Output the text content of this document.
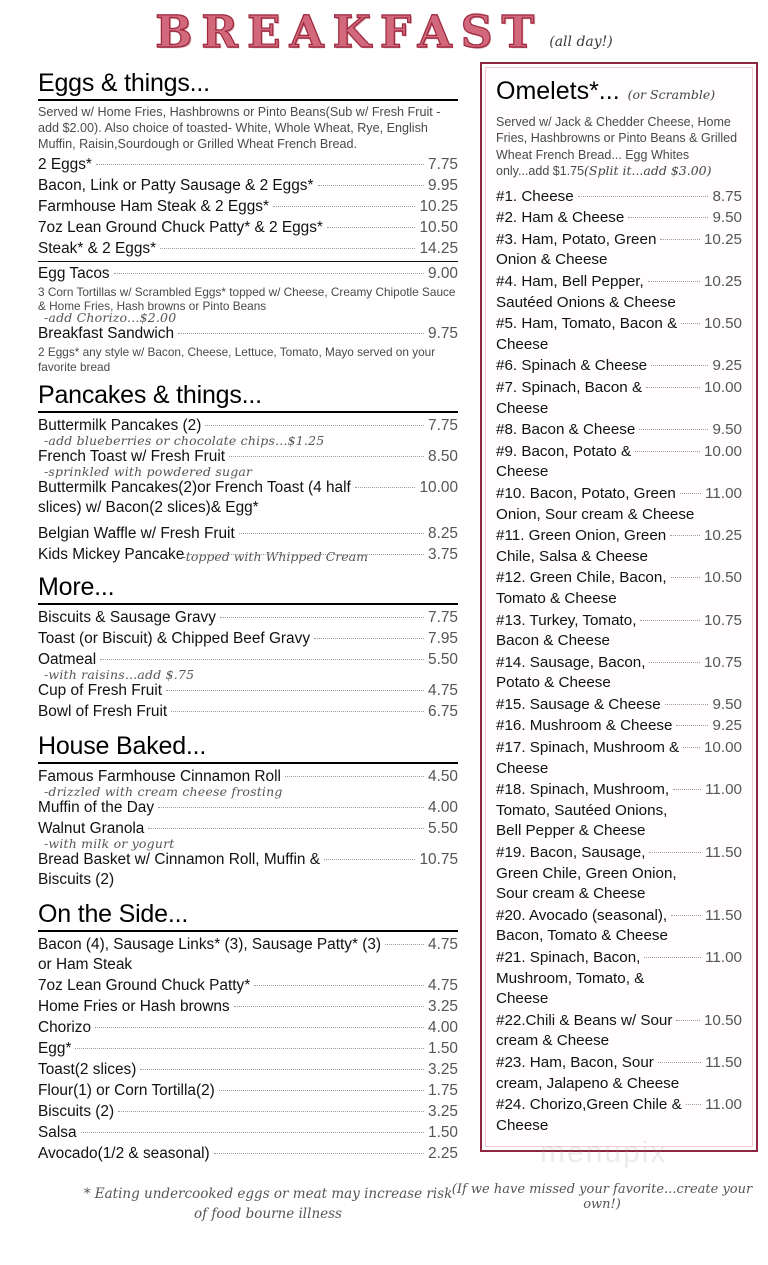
BREAKFAST (all day!)
Eggs & things...
Served w/ Home Fries, Hashbrowns or Pinto Beans(Sub w/ Fresh Fruit -add $2.00). Also choice of toasted- White, Whole Wheat, Rye, English Muffin, Raisin,Sourdough or Grilled Wheat French Bread.
2 Eggs*	7.75
Bacon, Link or Patty Sausage & 2 Eggs*	9.95
Farmhouse Ham Steak & 2 Eggs*	10.25
7oz Lean Ground Chuck Patty* & 2 Eggs*	10.50
Steak* & 2 Eggs*	14.25
Egg Tacos	9.00
3 Corn Tortillas w/ Scrambled Eggs* topped w/ Cheese, Creamy Chipotle Sauce & Home Fries, Hash browns or Pinto Beans
-add Chorizo...$2.00
Breakfast Sandwich	9.75
2 Eggs* any style w/ Bacon, Cheese, Lettuce, Tomato, Mayo served on your favorite bread
Pancakes & things...
Buttermilk Pancakes (2)	7.75
-add blueberries or chocolate chips...$1.25
French Toast w/ Fresh Fruit	8.50
-sprinkled with powdered sugar
Buttermilk Pancakes(2)or French Toast (4 half	10.00
slices) w/ Bacon(2 slices)& Egg*
Belgian Waffle w/ Fresh Fruit	8.25
Kids Mickey Pancake	3.75
-topped with Whipped Cream
More...
Biscuits & Sausage Gravy	7.75
Toast (or Biscuit) & Chipped Beef Gravy	7.95
Oatmeal	5.50
-with raisins...add $.75
Cup of Fresh Fruit	4.75
Bowl of Fresh Fruit	6.75
House Baked...
Famous Farmhouse Cinnamon Roll	4.50
-drizzled with cream cheese frosting
Muffin of the Day	4.00
Walnut Granola	5.50
-with milk or yogurt
Bread Basket w/ Cinnamon Roll, Muffin &	10.75
Biscuits (2)
On the Side...
Bacon (4), Sausage Links* (3), Sausage Patty* (3)	4.75
or Ham Steak
7oz Lean Ground Chuck Patty*	4.75
Home Fries or Hash browns	3.25
Chorizo	4.00
Egg*	1.50
Toast(2 slices)	3.25
Flour(1) or Corn Tortilla(2)	1.75
Biscuits (2)	3.25
Salsa	1.50
Avocado(1/2 & seasonal)	2.25
* Eating undercooked eggs or meat may increase risk of food bourne illness
Omelets*... (or Scramble)
Served w/ Jack & Chedder Cheese, Home Fries, Hashbrowns or Pinto Beans & Grilled Wheat French Bread... Egg Whites only...add $1.75(Split it...add $3.00)
#1. Cheese	8.75
#2. Ham & Cheese	9.50
#3. Ham, Potato, Green	10.25
Onion & Cheese
#4. Ham, Bell Pepper,	10.25
Sautéed Onions & Cheese
#5. Ham, Tomato, Bacon & 10.50
Cheese
#6. Spinach & Cheese	9.25
#7. Spinach, Bacon &	10.00
Cheese
#8. Bacon & Cheese	9.50
#9. Bacon, Potato &	10.00
Cheese
#10. Bacon, Potato, Green 11.00
Onion, Sour cream & Cheese
#11. Green Onion, Green 10.25
Chile, Salsa & Cheese
#12. Green Chile, Bacon, 10.50
Tomato & Cheese
#13. Turkey, Tomato,	10.75
Bacon & Cheese
#14. Sausage, Bacon,	10.75
Potato & Cheese
#15. Sausage & Cheese	9.50
#16. Mushroom & Cheese	9.25
#17. Spinach, Mushroom & 10.00
Cheese
#18. Spinach, Mushroom, 11.00
Tomato, Sautéed Onions,
Bell Pepper & Cheese
#19. Bacon, Sausage,	11.50
Green Chile, Green Onion,
Sour cream & Cheese
#20. Avocado (seasonal), 11.50
Bacon, Tomato & Cheese
#21. Spinach, Bacon,	11.00
Mushroom, Tomato, &
Cheese
#22.Chili & Beans w/ Sour 10.50
cream & Cheese
#23. Ham, Bacon, Sour	11.50
cream, Jalapeno & Cheese
#24. Chorizo,Green Chile & 11.00
Cheese
menupix
(If we have missed your favorite...create your own!)
